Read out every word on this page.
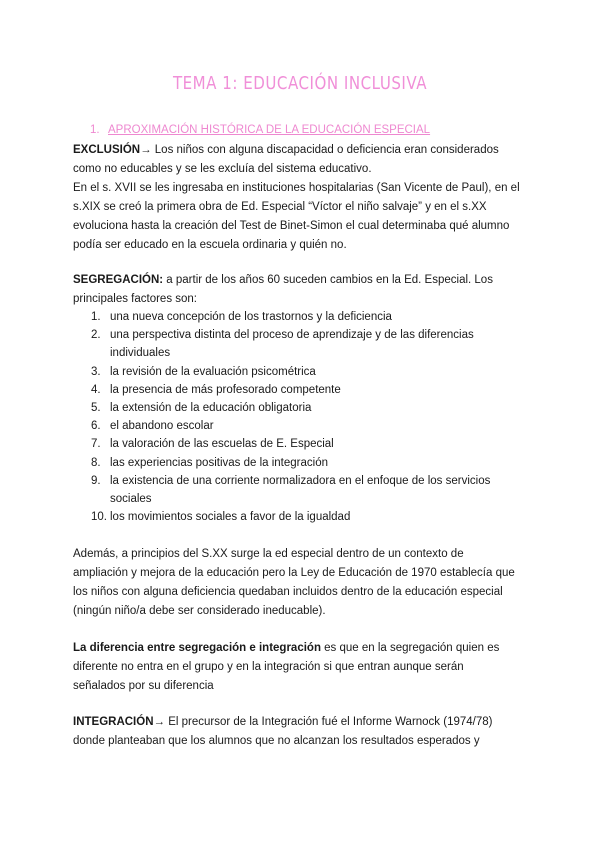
TEMA 1: EDUCACIÓN INCLUSIVA
1. APROXIMACIÓN HISTÓRICA DE LA EDUCACIÓN ESPECIAL

EXCLUSIÓN→ Los niños con alguna discapacidad o deficiencia eran considerados

como no educables y se les excluía del sistema educativo.

En el s. XVII se les ingresaba en instituciones hospitalarias (San Vicente de Paul), en el

s.XIX se creó la primera obra de Ed. Especial “Víctor el niño salvaje” y en el s.XX

evoluciona hasta la creación del Test de Binet-Simon el cual determinaba qué alumno

podía ser educado en la escuela ordinaria y quién no.

SEGREGACIÓN: a partir de los años 60 suceden cambios en la Ed. Especial. Los

principales factores son:

1. una nueva concepción de los trastornos y la deficiencia
2. una perspectiva distinta del proceso de aprendizaje y de las diferencias
individuales
3. la revisión de la evaluación psicométrica
4. la presencia de más profesorado competente
5. la extensión de la educación obligatoria
6. el abandono escolar
7. la valoración de las escuelas de E. Especial
8. las experiencias positivas de la integración
9. la existencia de una corriente normalizadora en el enfoque de los servicios
sociales
10. los movimientos sociales a favor de la igualdad

Además, a principios del S.XX surge la ed especial dentro de un contexto de

ampliación y mejora de la educación pero la Ley de Educación de 1970 establecía que

los niños con alguna deficiencia quedaban incluidos dentro de la educación especial

(ningún niño/a debe ser considerado ineducable).

La diferencia entre segregación e integración es que en la segregación quien es

diferente no entra en el grupo y en la integración si que entran aunque serán

señalados por su diferencia

INTEGRACIÓN→ El precursor de la Integración fué el Informe Warnock (1974/78)

donde planteaban que los alumnos que no alcanzan los resultados esperados y
